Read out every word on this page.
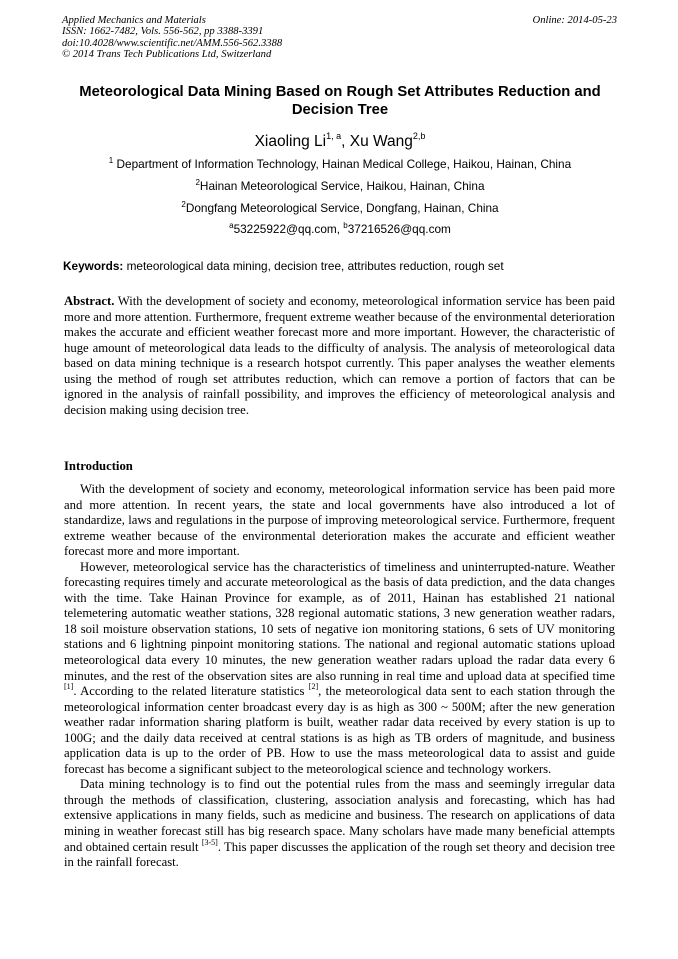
Applied Mechanics and Materials
ISSN: 1662-7482, Vols. 556-562, pp 3388-3391
doi:10.4028/www.scientific.net/AMM.556-562.3388
© 2014 Trans Tech Publications Ltd, Switzerland
Online: 2014-05-23
Meteorological Data Mining Based on Rough Set Attributes Reduction and Decision Tree
Xiaoling Li$^{1, a}$, Xu Wang$^{2,b}$
$^1$ Department of Information Technology, Hainan Medical College, Haikou, Hainan, China
$^2$Hainan Meteorological Service, Haikou, Hainan, China
$^2$Dongfang Meteorological Service, Dongfang, Hainan, China
$^a$53225922@qq.com, $^b$37216526@qq.com
Keywords: meteorological data mining, decision tree, attributes reduction, rough set
Abstract. With the development of society and economy, meteorological information service has been paid more and more attention. Furthermore, frequent extreme weather because of the environmental deterioration makes the accurate and efficient weather forecast more and more important. However, the characteristic of huge amount of meteorological data leads to the difficulty of analysis. The analysis of meteorological data based on data mining technique is a research hotspot currently. This paper analyses the weather elements using the method of rough set attributes reduction, which can remove a portion of factors that can be ignored in the analysis of rainfall possibility, and improves the efficiency of meteorological analysis and decision making using decision tree.
Introduction

With the development of society and economy, meteorological information service has been paid more and more attention. In recent years, the state and local governments have also introduced a lot of standardize, laws and regulations in the purpose of improving meteorological service. Furthermore, frequent extreme weather because of the environmental deterioration makes the accurate and efficient weather forecast more and more important.

However, meteorological service has the characteristics of timeliness and uninterrupted-nature. Weather forecasting requires timely and accurate meteorological as the basis of data prediction, and the data changes with the time. Take Hainan Province for example, as of 2011, Hainan has established 21 national telemetering automatic weather stations, 328 regional automatic stations, 3 new generation weather radars, 18 soil moisture observation stations, 10 sets of negative ion monitoring stations, 6 sets of UV monitoring stations and 6 lightning pinpoint monitoring stations. The national and regional automatic stations upload meteorological data every 10 minutes, the new generation weather radars upload the radar data every 6 minutes, and the rest of the observation sites are also running in real time and upload data at specified time [1]. According to the related literature statistics [2], the meteorological data sent to each station through the meteorological information center broadcast every day is as high as 300 ~ 500M; after the new generation weather radar information sharing platform is built, weather radar data received by every station is up to 100G; and the daily data received at central stations is as high as TB orders of magnitude, and business application data is up to the order of PB. How to use the mass meteorological data to assist and guide forecast has become a significant subject to the meteorological science and technology workers.

Data mining technology is to find out the potential rules from the mass and seemingly irregular data through the methods of classification, clustering, association analysis and forecasting, which has had extensive applications in many fields, such as medicine and business. The research on applications of data mining in weather forecast still has big research space. Many scholars have made many beneficial attempts and obtained certain result [3-5]. This paper discusses the application of the rough set theory and decision tree in the rainfall forecast.
